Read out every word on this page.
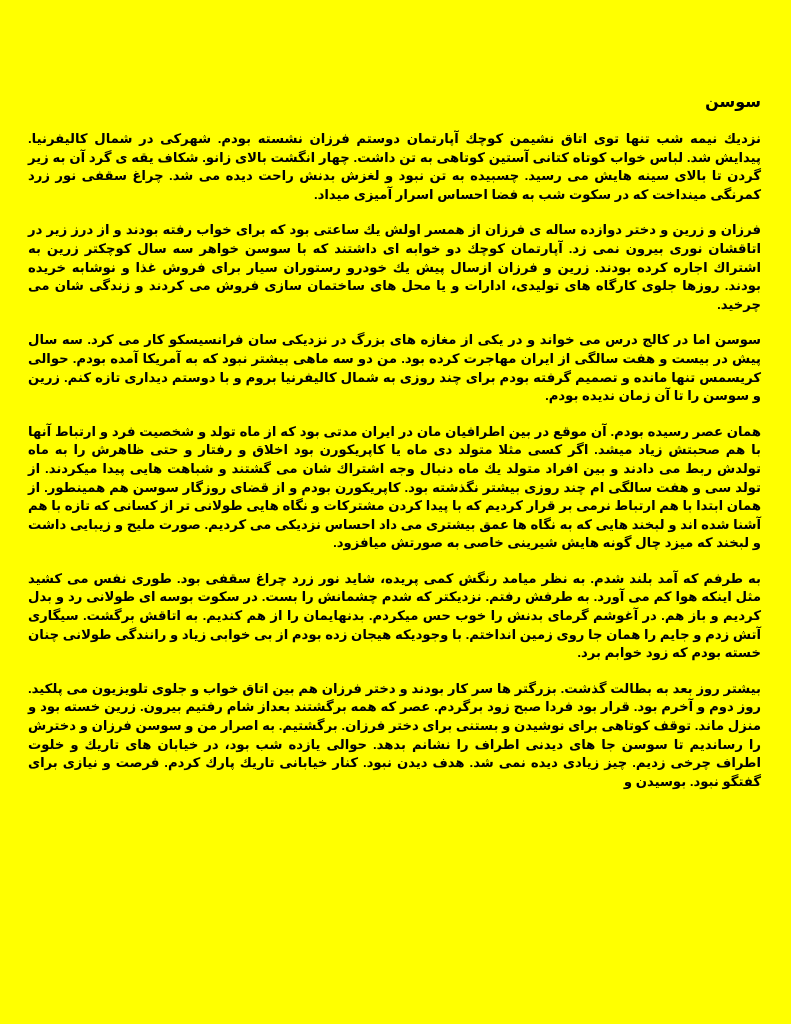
سوسن

نزديك نيمه شب تنها توى اتاق نشيمن كوچك آپارتمان دوستم فرزان نشسته بودم. شهركى در شمال كاليفرنيا. پيدايش شد. لباس خواب كوتاه كتانى آستين كوتاهى به تن داشت. چهار انگشت بالاى زانو. شكاف يقه ى گرد آن به زير گردن تا بالاى سينه هايش مى رسيد. چسبيده به تن نبود و لغزش بدنش راحت ديده مى شد. چراغ سقفى نور زرد كمرنگى مينداخت كه در سكوت شب به فضا احساس اسرار آميزى ميداد.

فرزان و زرين و دختر دوازده ساله ى فرزان از همسر اولش يك ساعتى بود كه براى خواب رفته بودند و از درز زير در اتاقشان نورى بيرون نمى زد. آپارتمان كوچك دو خوابه اى داشتند كه با سوسن خواهر سه سال كوچكتر زرين به اشتراك اجاره كرده بودند. زرين و فرزان ازسال پيش يك خودرو رستوران سيار براى فروش غذا و نوشابه خريده بودند. روزها جلوى كارگاه هاى توليدى، ادارات و يا محل هاى ساختمان سازى فروش مى كردند و زندگى شان مى چرخيد.

سوسن اما در كالج درس مى خواند و در يكى از مغازه هاى بزرگ در نزديكى سان فرانسيسكو كار مى كرد. سه سال پيش در بيست و هفت سالگى از ايران مهاجرت كرده بود. من دو سه ماهى بيشتر نبود كه به آمريكا آمده بودم. حوالى كريسمس تنها مانده و تصميم گرفته بودم براى چند روزى به شمال كاليفرنيا بروم و با دوستم ديدارى تازه كنم. زرين و سوسن را تا آن زمان نديده بودم.

همان عصر رسيده بودم. آن موقع در بين اطرافيان مان در ايران مدتى بود كه از ماه تولد و شخصيت فرد و ارتباط آنها با هم صحبتش زياد ميشد. اگر كسى مثلا متولد دى ماه يا كاپريكورن بود اخلاق و رفتار و حتى ظاهرش را به ماه تولدش ربط مى دادند و بين افراد متولد يك ماه دنبال وجه اشتراك شان مى گشتند و شباهت هايى پيدا ميكردند. از تولد سى و هفت سالگى ام چند روزى بيشتر نگذشته بود. كاپريكورن بودم و از قضاى روزگار سوسن هم همينطور. از همان ابتدا با هم ارتباط نرمى بر قرار كرديم كه با پيدا كردن مشتركات و نگاه هايى طولانى تر از كسانى كه تازه با هم آشنا شده اند و لبخند هايى كه به نگاه ها عمق بيشترى مى داد احساس نزديكى مى كرديم. صورت مليح و زيبايى داشت و لبخند كه ميزد چال گونه هايش شيرينى خاصى به صورتش ميافزود.

به طرفم كه آمد بلند شدم. به نظر ميامد رنگش كمى پريده، شايد نور زرد چراغ سقفى بود. طورى نفس مى كشيد مثل اينكه هوا كم مى آورد. به طرفش رفتم. نزديكتر كه شدم چشمانش را بست. در سكوت بوسه اى طولانى رد و بدل كرديم و باز هم. در آغوشم گرماى بدنش را خوب حس ميكردم. بدنهايمان را از هم كنديم. به اتاقش برگشت. سيگارى آتش زدم و جايم را همان جا روى زمين انداختم. با وجوديكه هيجان زده بودم از بى خوابى زياد و رانندگى طولانى چنان خسته بودم كه زود خوابم برد.

بيشتر روز بعد به بطالت گذشت. بزرگتر ها سر كار بودند و دختر فرزان هم بين اتاق خواب و جلوى تلويزيون مى پلكيد. روز دوم و آخرم بود. قرار بود فردا صبح زود برگردم. عصر كه همه برگشتند بعداز شام رفتيم بيرون. زرين خسته بود و منزل ماند. توقف كوتاهى براى نوشيدن و بستنى براى دختر فرزان. برگشتيم. به اصرار من و سوسن فرزان و دخترش را رسانديم تا سوسن جا هاى ديدنى اطراف را نشانم بدهد. حوالى يازده شب بود، در خيابان هاى تاريك و خلوت اطراف چرخى زديم. چيز زيادى ديده نمى شد. هدف ديدن نبود. كنار خيابانى تاريك پارك كردم. فرصت و نيازى براى گفتگو نبود. بوسيدن و
